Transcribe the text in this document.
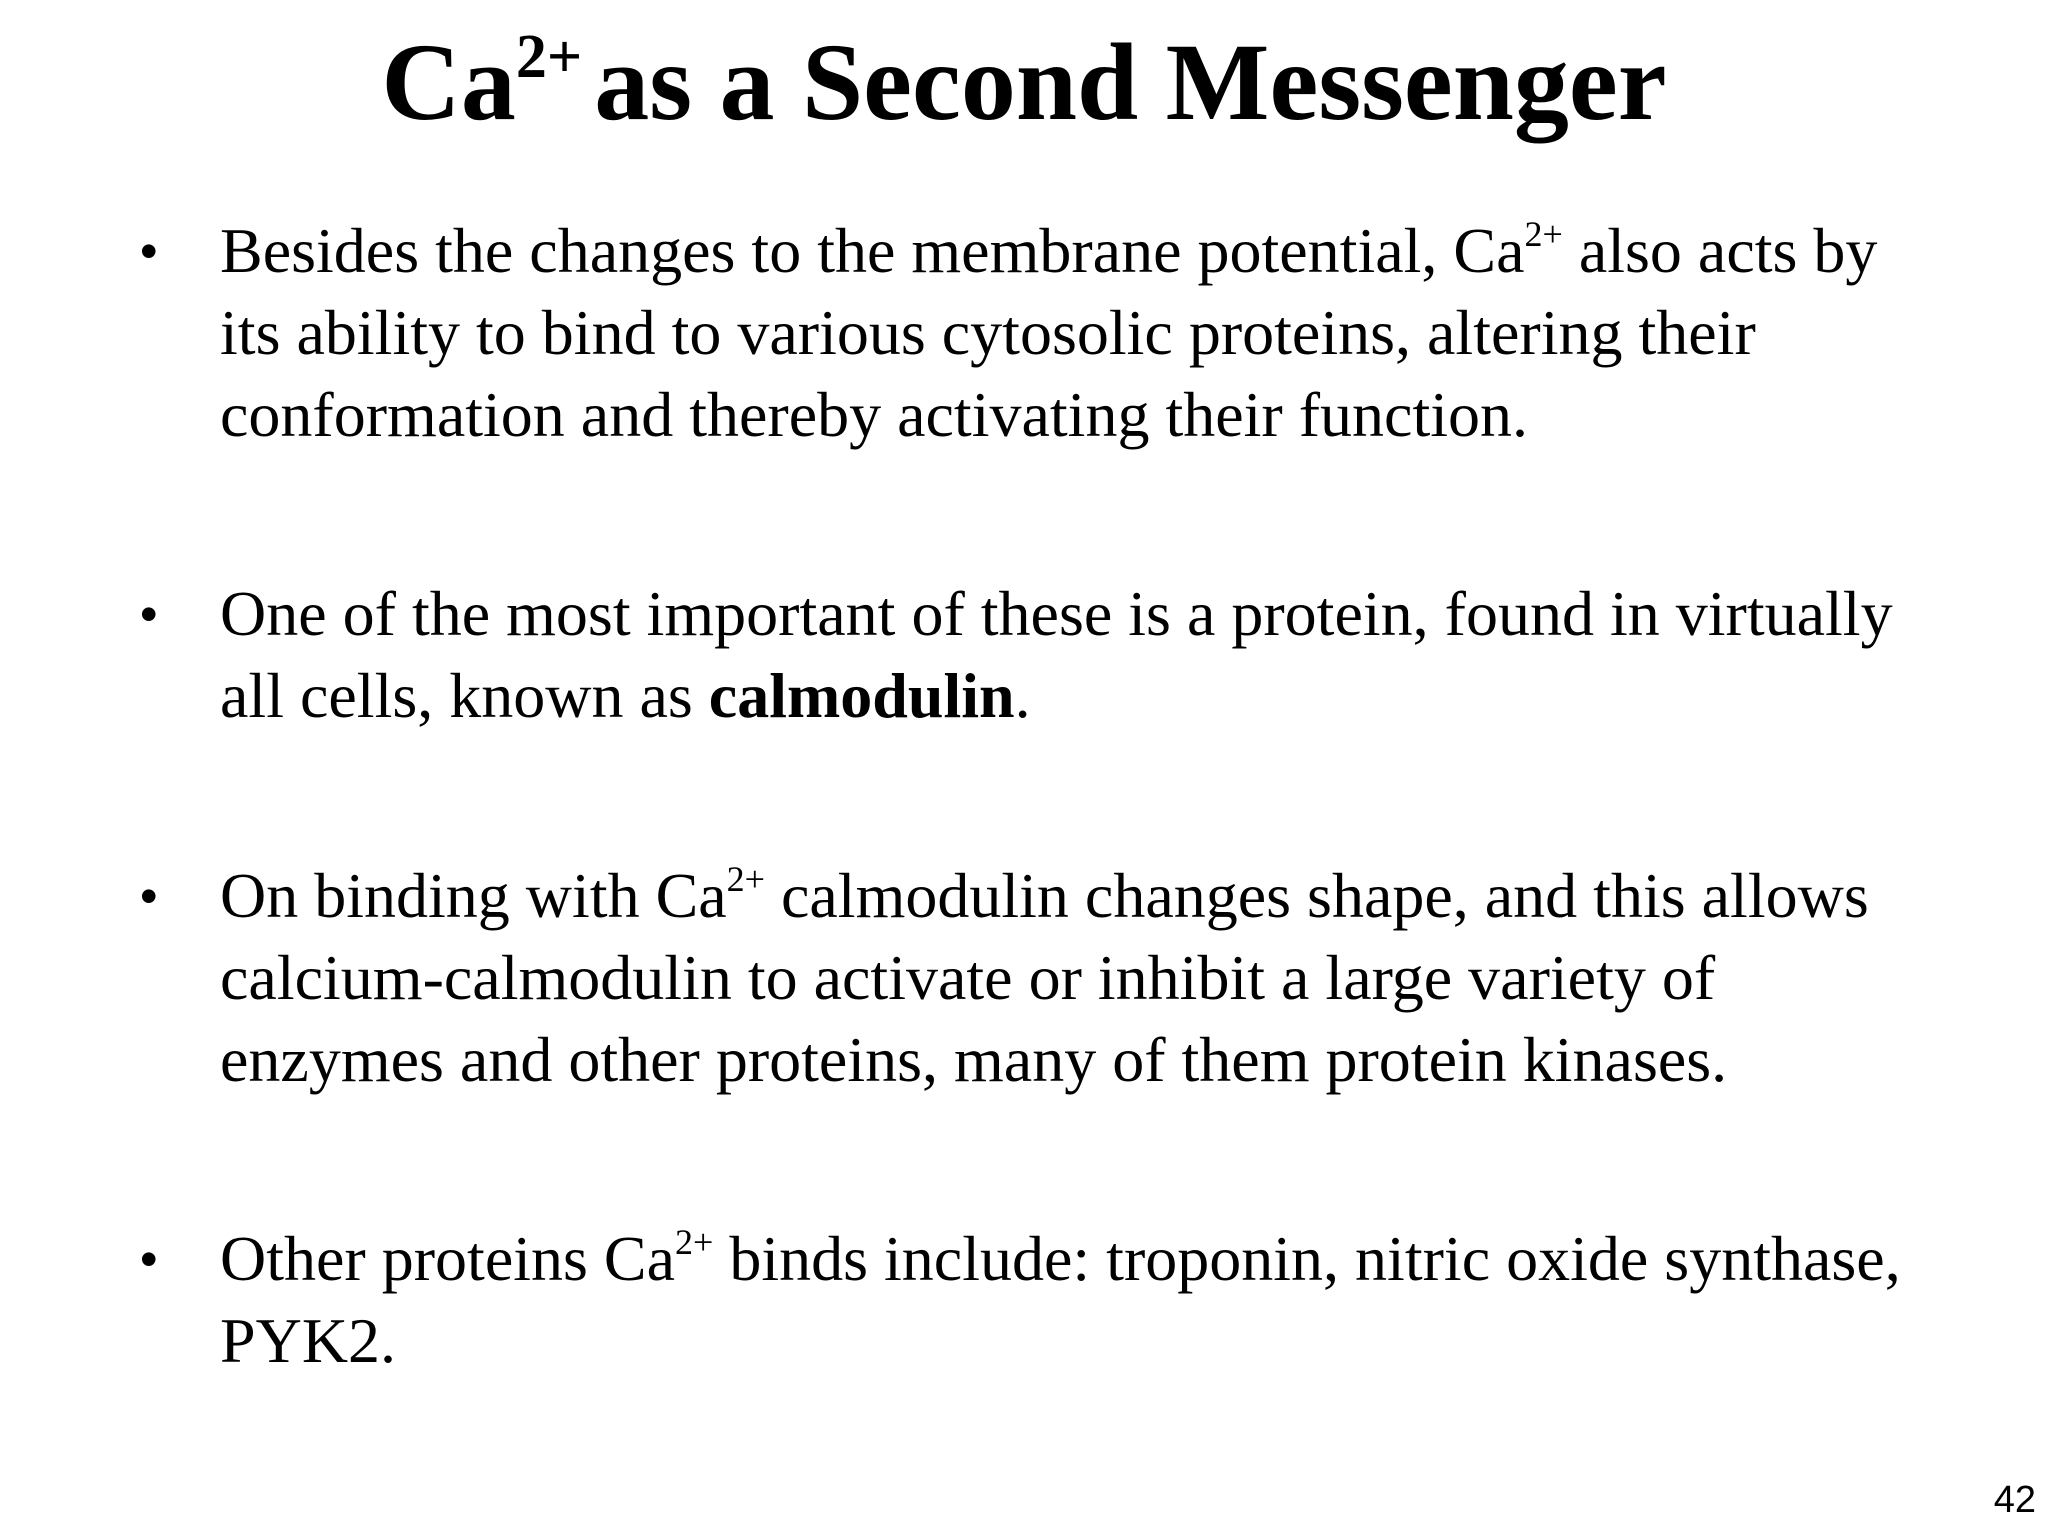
$Ca^{2+}$ as a Second Messenger
• Besides the changes to the membrane potential, $Ca^{2+}$ also acts by
its ability to bind to various cytosolic proteins, altering their
conformation and thereby activating their function.

• One of the most important of these is a protein, found in virtually
all cells, known as calmodulin.

• On binding with $Ca^{2+}$ calmodulin changes shape, and this allows
calcium-calmodulin to activate or inhibit a large variety of
enzymes and other proteins, many of them protein kinases.

• Other proteins $Ca^{2+}$ binds include: troponin, nitric oxide synthase,
PYK2.

42
